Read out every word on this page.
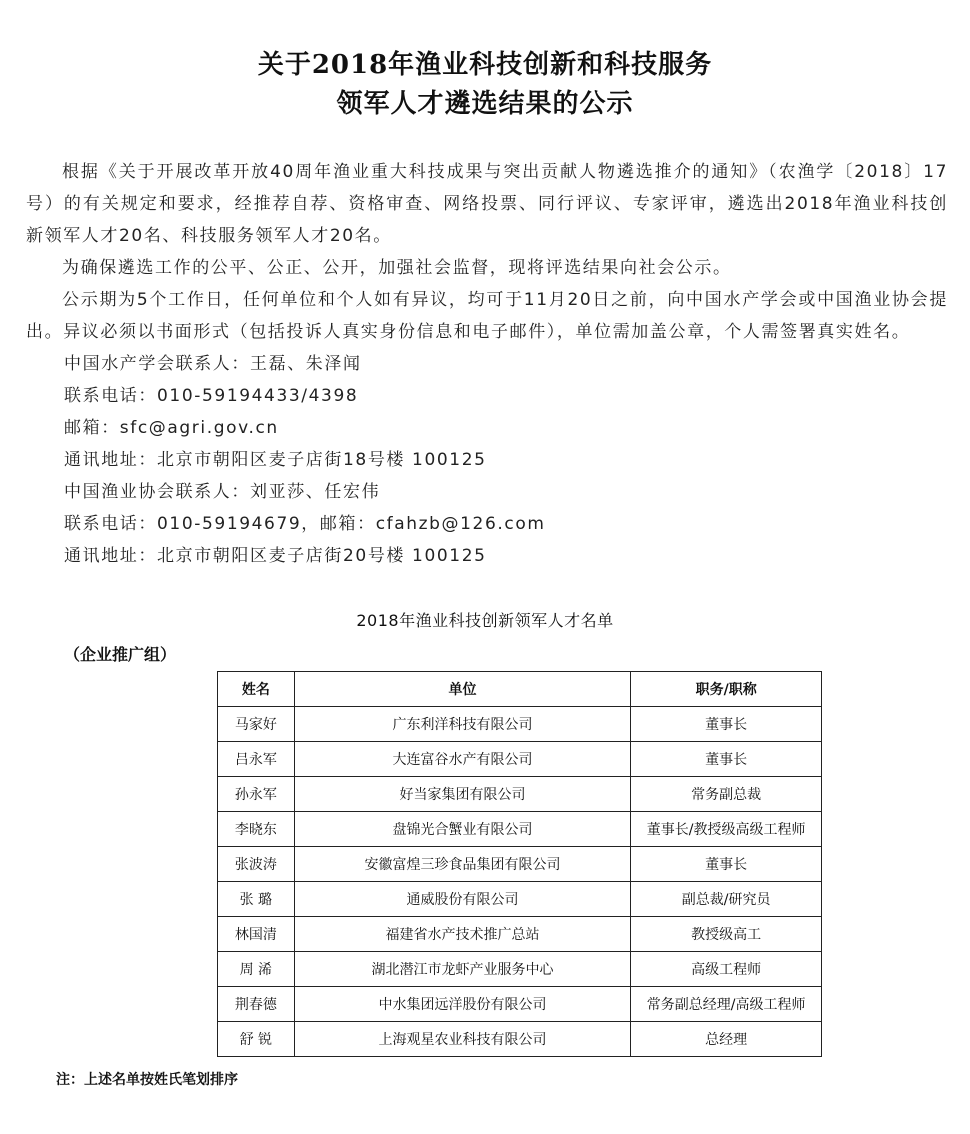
关于2018年渔业科技创新和科技服务
领军人才遴选结果的公示

根据《关于开展改革开放40周年渔业重大科技成果与突出贡献人物遴选推介的通知》（农渔学〔2018〕17号）的有关规定和要求，经推荐自荐、资格审查、网络投票、同行评议、专家评审，遴选出2018年渔业科技创新领军人才20名、科技服务领军人才20名。

为确保遴选工作的公平、公正、公开，加强社会监督，现将评选结果向社会公示。

公示期为5个工作日，任何单位和个人如有异议，均可于11月20日之前，向中国水产学会或中国渔业协会提出。异议必须以书面形式（包括投诉人真实身份信息和电子邮件），单位需加盖公章，个人需签署真实姓名。

中国水产学会联系人：王磊、朱泽闻
联系电话：010-59194433/4398
邮箱：sfc@agri.gov.cn
通讯地址：北京市朝阳区麦子店街18号楼 100125
中国渔业协会联系人：刘亚莎、任宏伟
联系电话：010-59194679，邮箱：cfahzb@126.com
通讯地址：北京市朝阳区麦子店街20号楼 100125
2018年渔业科技创新领军人才名单
（企业推广组）
姓名	单位	职务/职称
马家好	广东利洋科技有限公司	董事长
吕永军	大连富谷水产有限公司	董事长
孙永军	好当家集团有限公司	常务副总裁
李晓东	盘锦光合蟹业有限公司	董事长/教授级高级工程师
张波涛	安徽富煌三珍食品集团有限公司	董事长
张 璐	通威股份有限公司	副总裁/研究员
林国清	福建省水产技术推广总站	教授级高工
周 浠	湖北潜江市龙虾产业服务中心	高级工程师
荆春德	中水集团远洋股份有限公司	常务副总经理/高级工程师
舒 锐	上海观星农业科技有限公司	总经理
注：上述名单按姓氏笔划排序
